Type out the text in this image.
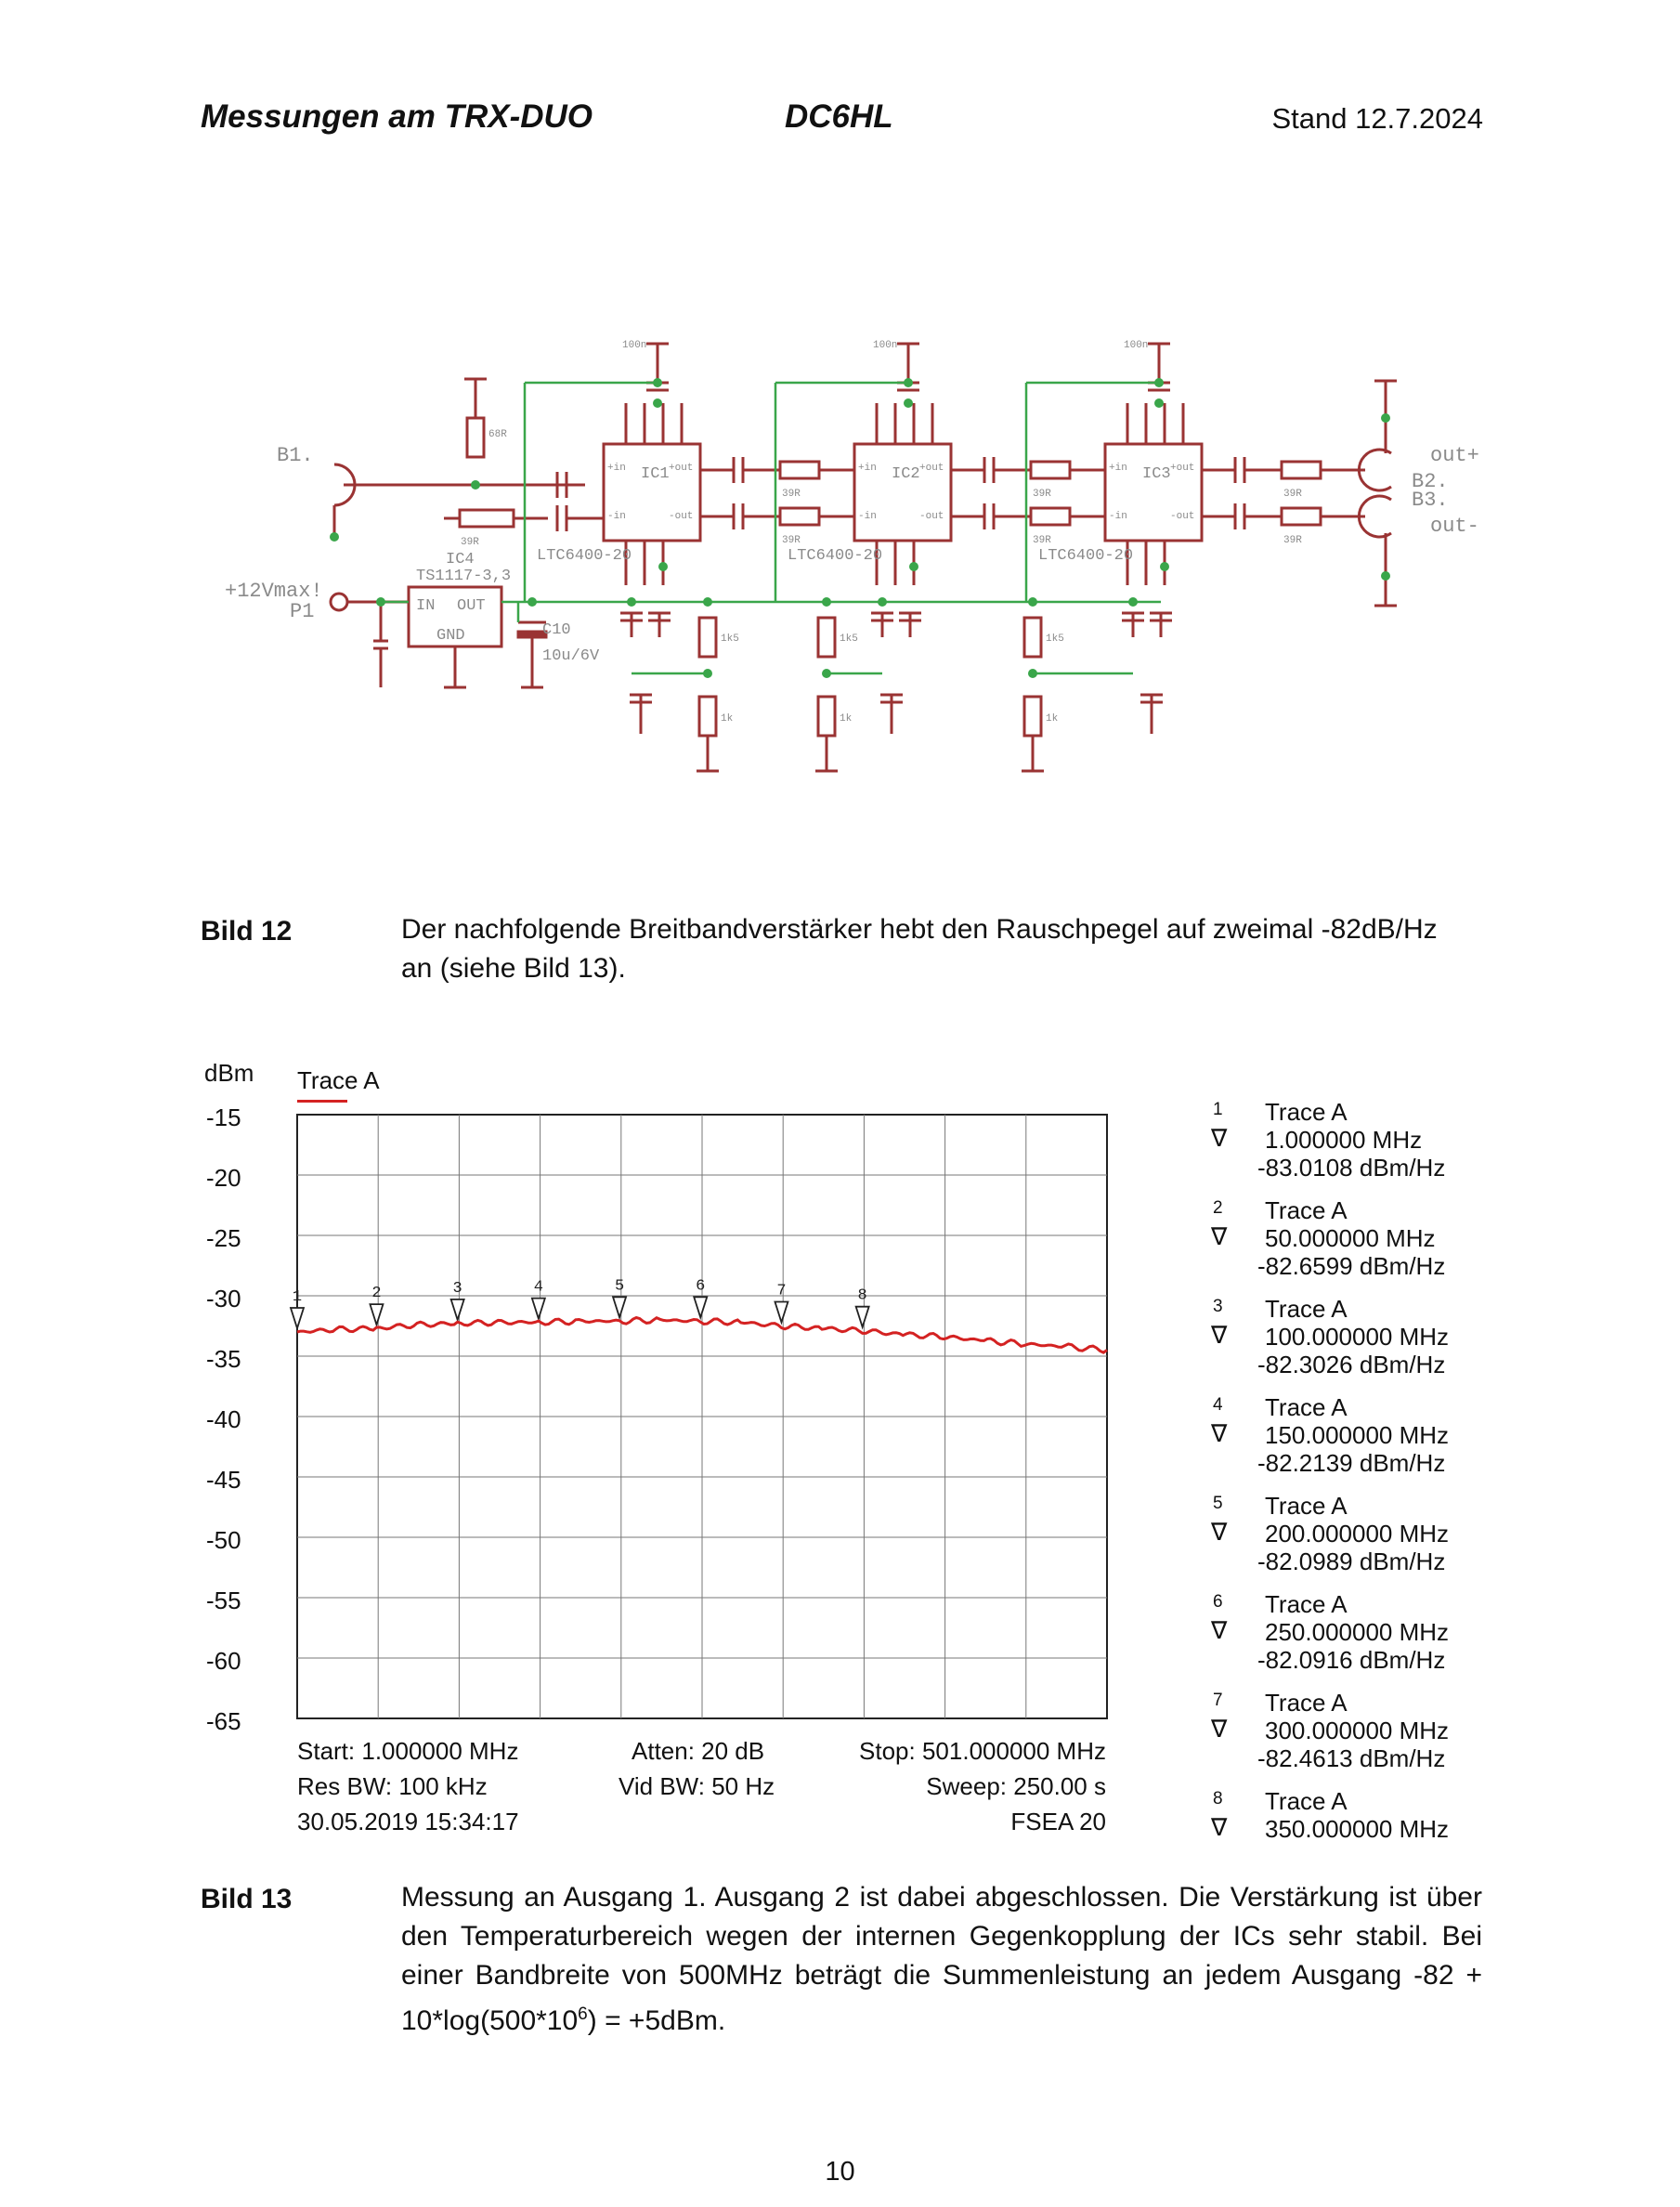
Messungen am TRX-DUO	DC6HL	Stand 12.7.2024
B1.
B2.
B3.
out+
out-
+12Vmax!
P1
IC4
TS1117-3,3
IN OUT
GND	C10
10u/6V
LTC6400-20	LTC6400-20	LTC6400-20
IC1	IC2	IC3
+in
-in
+out
-out
+in
-in
+out
-out
+in
-in
+out
-out
100n	100n	100n
39R
39R
39R
39R
39R
39R
39R
68R
1k5
1k
1k5
1k
1k5
1k
Bild 12	Der nachfolgende Breitbandverstärker hebt den Rauschpegel auf zweimal -82dB/Hz
an (siehe Bild 13).
dBm Trace A
-15
-20
-25
-30
-35
-40
-45
-50
-55
-60
-65
1	2	3	4	5	6	7	8
Start: 1.000000 MHz	Atten: 20 dB	Stop: 501.000000 MHz
Res BW: 100 kHz	Vid BW: 50 Hz	Sweep: 250.00 s
30.05.2019 15:34:17	FSEA 20
1
∇
Trace A
1.000000 MHz
-83.0108 dBm/Hz
2
∇
Trace A
50.000000 MHz
-82.6599 dBm/Hz
3
∇
Trace A
100.000000 MHz
-82.3026 dBm/Hz
4
∇
Trace A
150.000000 MHz
-82.2139 dBm/Hz
5
∇
Trace A
200.000000 MHz
-82.0989 dBm/Hz
6
∇
Trace A
250.000000 MHz
-82.0916 dBm/Hz
7
∇
Trace A
300.000000 MHz
-82.4613 dBm/Hz
8
∇
Trace A
350.000000 MHz
Bild 13	Messung an Ausgang 1. Ausgang 2 ist dabei abgeschlossen. Die Verstärkung ist über
den Temperaturbereich wegen der internen Gegenkopplung der ICs sehr stabil. Bei
einer Bandbreite von 500MHz beträgt die Summenleistung an jedem Ausgang -82 +
$10*\log(500*10^6) = +5dBm$.
10
